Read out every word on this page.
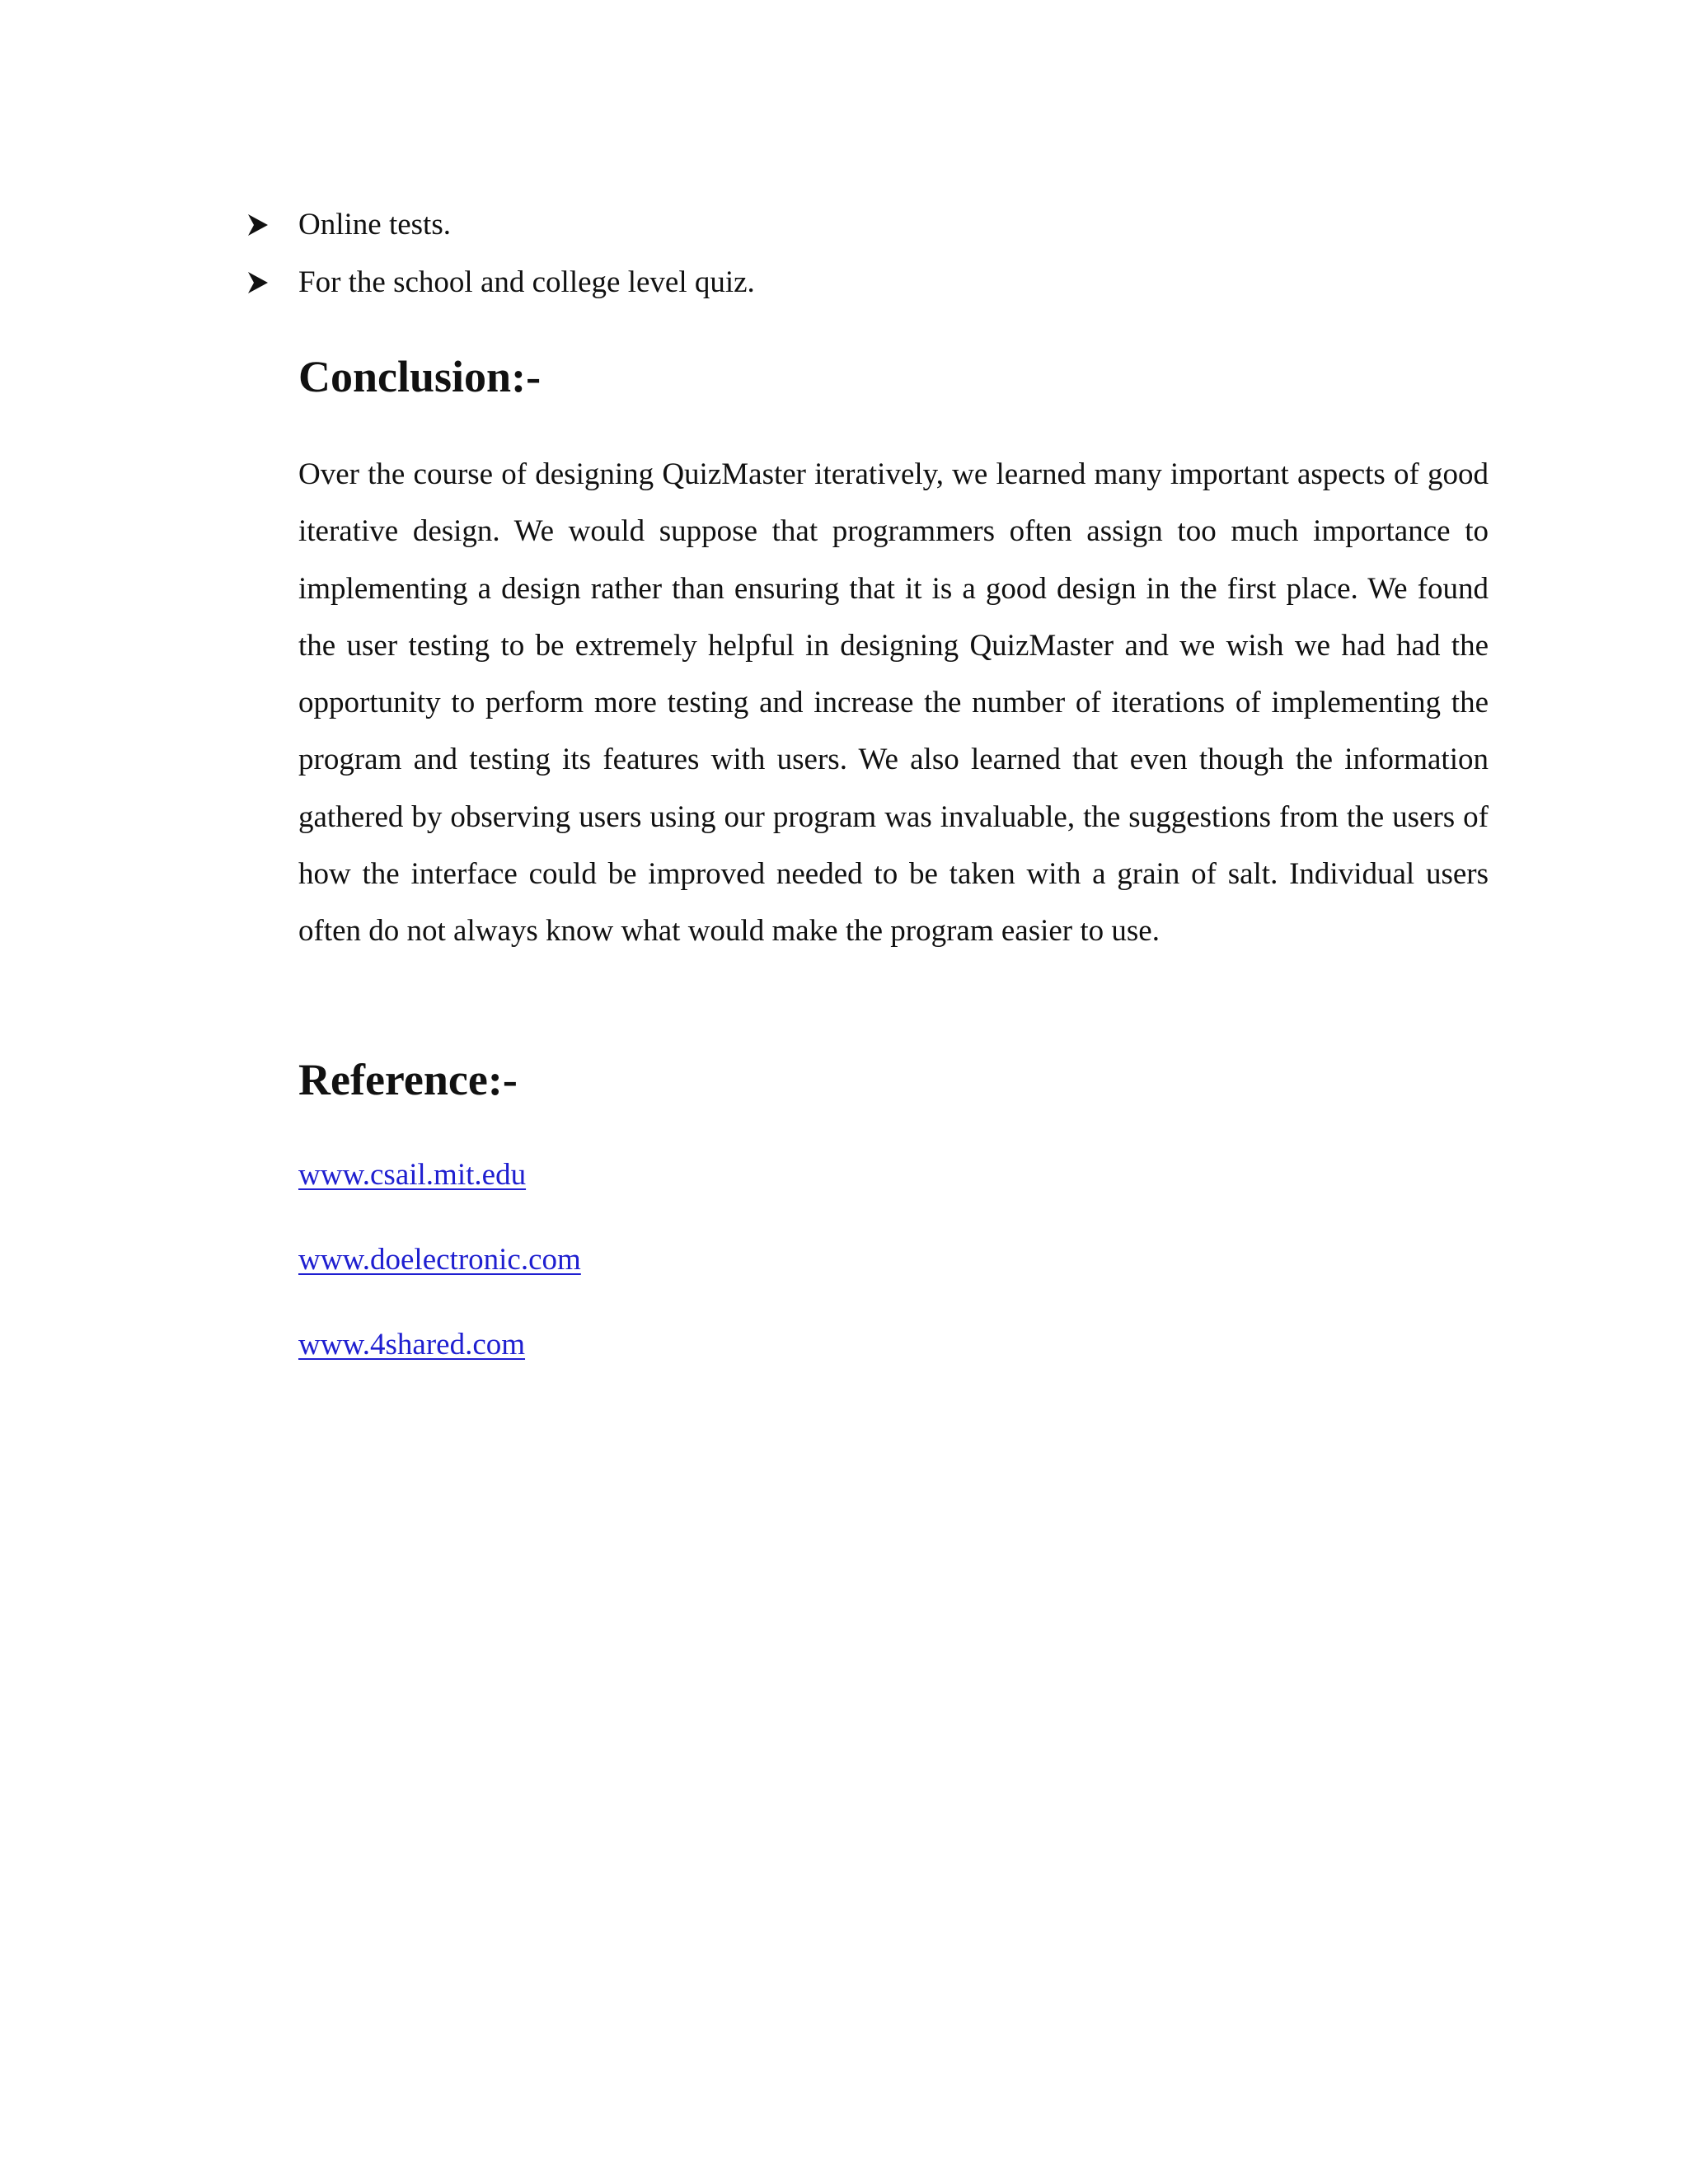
Online tests.
For the school and college level quiz.
Conclusion:-

Over the course of designing QuizMaster iteratively, we learned many important aspects of good iterative design. We would suppose that programmers often assign too much importance to implementing a design rather than ensuring that it is a good design in the first place. We found the user testing to be extremely helpful in designing QuizMaster and we wish we had had the opportunity to perform more testing and increase the number of iterations of implementing the program and testing its features with users. We also learned that even though the information gathered by observing users using our program was invaluable, the suggestions from the users of how the interface could be improved needed to be taken with a grain of salt. Individual users often do not always know what would make the program easier to use.

Reference:-
www.csail.mit.edu
www.doelectronic.com
www.4shared.com
